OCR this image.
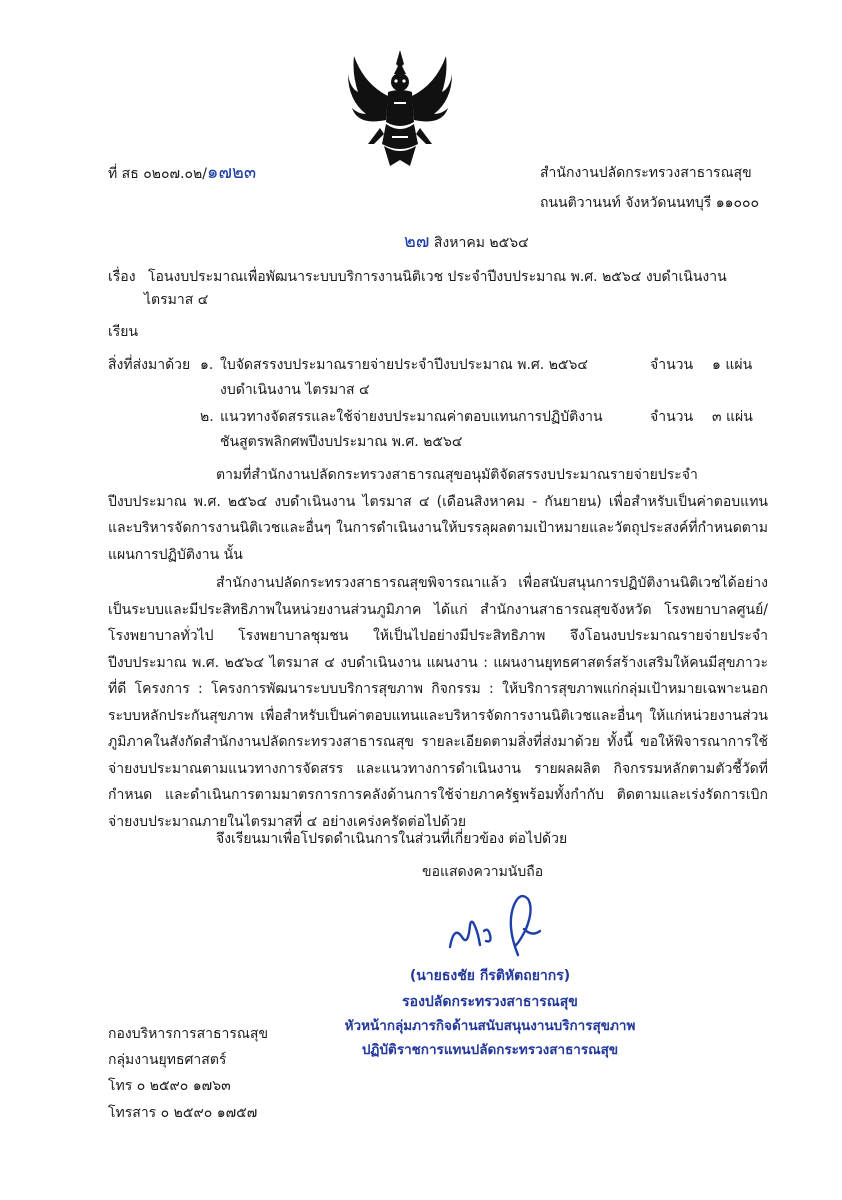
ที่ สธ ๐๒๐๗.๐๒/๑๗๒๓	สำนักงานปลัดกระทรวงสาธารณสุข
ถนนติวานนท์ จังหวัดนนทบุรี ๑๑๐๐๐
๒๗ สิงหาคม ๒๕๖๔
เรื่อง โอนงบประมาณเพื่อพัฒนาระบบบริการงานนิติเวช ประจำปีงบประมาณ พ.ศ. ๒๕๖๔ งบดำเนินงาน
ไตรมาส ๔
เรียน
สิ่งที่ส่งมาด้วย ๑. ใบจัดสรรงบประมาณรายจ่ายประจำปีงบประมาณ พ.ศ. ๒๕๖๔
งบดำเนินงาน ไตรมาส ๔
จำนวน ๑ แผ่น
๒. แนวทางจัดสรรและใช้จ่ายงบประมาณค่าตอบแทนการปฏิบัติงาน
ชันสูตรพลิกศพปีงบประมาณ พ.ศ. ๒๕๖๔
จำนวน ๓ แผ่น
ตามที่สำนักงานปลัดกระทรวงสาธารณสุขอนุมัติจัดสรรงบประมาณรายจ่ายประจำปีงบประมาณ พ.ศ. ๒๕๖๔ งบดำเนินงาน ไตรมาส ๔ (เดือนสิงหาคม - กันยายน) เพื่อสำหรับเป็นค่าตอบแทนและบริหารจัดการงานนิติเวชและอื่นๆ ในการดำเนินงานให้บรรลุผลตามเป้าหมายและวัตถุประสงค์ที่กำหนดตามแผนการปฏิบัติงาน นั้น
สำนักงานปลัดกระทรวงสาธารณสุขพิจารณาแล้ว เพื่อสนับสนุนการปฏิบัติงานนิติเวชได้อย่างเป็นระบบและมีประสิทธิภาพในหน่วยงานส่วนภูมิภาค ได้แก่ สำนักงานสาธารณสุขจังหวัด โรงพยาบาลศูนย์/ โรงพยาบาลทั่วไป โรงพยาบาลชุมชน ให้เป็นไปอย่างมีประสิทธิภาพ จึงโอนงบประมาณรายจ่ายประจำปีงบประมาณ พ.ศ. ๒๕๖๔ ไตรมาส ๔ งบดำเนินงาน แผนงาน : แผนงานยุทธศาสตร์สร้างเสริมให้คนมีสุขภาวะที่ดี โครงการ : โครงการพัฒนาระบบบริการสุขภาพ กิจกรรม : ให้บริการสุขภาพแก่กลุ่มเป้าหมายเฉพาะนอกระบบหลักประกันสุขภาพ เพื่อสำหรับเป็นค่าตอบแทนและบริหารจัดการงานนิติเวชและอื่นๆ ให้แก่หน่วยงานส่วนภูมิภาคในสังกัดสำนักงานปลัดกระทรวงสาธารณสุข รายละเอียดตามสิ่งที่ส่งมาด้วย ทั้งนี้ ขอให้พิจารณาการใช้จ่ายงบประมาณตามแนวทางการจัดสรร และแนวทางการดำเนินงาน รายผลผลิต กิจกรรมหลักตามตัวชี้วัดที่กำหนด และดำเนินการตามมาตรการการคลังด้านการใช้จ่ายภาครัฐพร้อมทั้งกำกับ ติดตามและเร่งรัดการเบิกจ่ายงบประมาณภายในไตรมาสที่ ๔ อย่างเคร่งครัดต่อไปด้วย
จึงเรียนมาเพื่อโปรดดำเนินการในส่วนที่เกี่ยวข้อง ต่อไปด้วย
ขอแสดงความนับถือ
(นายธงชัย กีรติหัตถยากร)
รองปลัดกระทรวงสาธารณสุข
หัวหน้ากลุ่มภารกิจด้านสนับสนุนงานบริการสุขภาพ
ปฏิบัติราชการแทนปลัดกระทรวงสาธารณสุข
กองบริหารการสาธารณสุข
กลุ่มงานยุทธศาสตร์
โทร ๐ ๒๕๙๐ ๑๗๖๓
โทรสาร ๐ ๒๕๙๐ ๑๗๕๗
